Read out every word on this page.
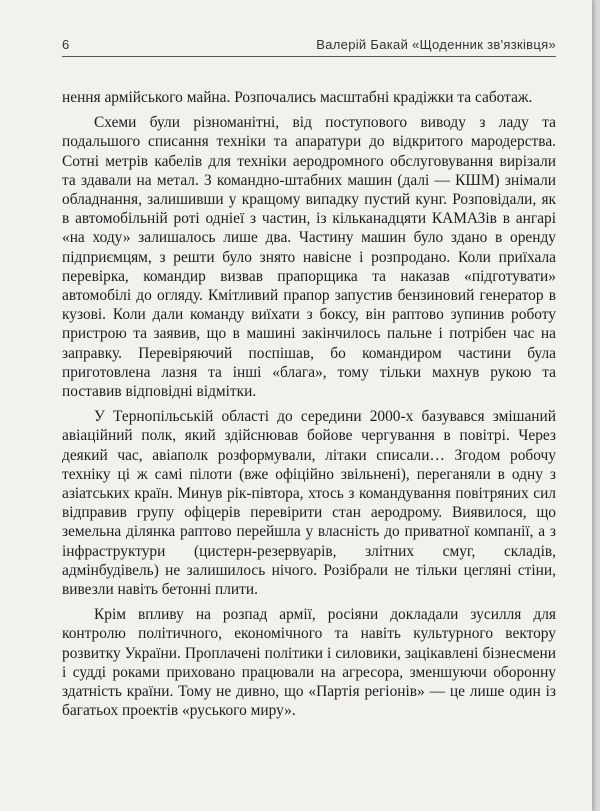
6	Валерій Бакай «Щоденник зв'язківця»

нення армійського майна. Розпочались масштабні крадіжки та саботаж.

Схеми були різноманітні, від поступового виводу з ладу та подальшого списання техніки та апаратури до відкритого мародерства. Сотні метрів кабелів для техніки аеродромного обслуговування вирізали та здавали на метал. З командно-штабних машин (далі — КШМ) знімали обладнання, залишивши у кращому випадку пустий кунг. Розповідали, як в автомобільній роті одніеї з частин, із кільканадцяти КАМАЗів в ангарі «на ходу» залишалось лише два. Частину машин було здано в оренду підприємцям, з решти було знято навісне і розпродано. Коли приїхала перевірка, командир визвав прапорщика та наказав «підготувати» автомобілі до огляду. Кмітливий прапор запустив бензиновий генератор в кузові. Коли дали команду виїхати з боксу, він раптово зупинив роботу пристрою та заявив, що в машині закінчилось пальне і потрібен час на заправку. Перевіряючий поспішав, бо командиром частини була приготовлена лазня та інші «блага», тому тільки махнув рукою та поставив відповідні відмітки.

У Тернопільській області до середини 2000-х базувався змішаний авіаційний полк, який здійснював бойове чергування в повітрі. Через деякий час, авіаполк розформували, літаки списали… Згодом робочу техніку ці ж самі пілоти (вже офіційно звільнені), переганяли в одну з азіатських країн. Минув рік-півтора, хтось з командування повітряних сил відправив групу офіцерів перевірити стан аеродрому. Виявилося, що земельна ділянка раптово перейшла у власність до приватної компанії, а з інфраструктури (цистерн-резервуарів, злітних смуг, складів, адмінбудівель) не залишилось нічого. Розібрали не тільки цегляні стіни, вивезли навіть бетонні плити.

Крім впливу на розпад армії, росіяни докладали зусилля для контролю політичного, економічного та навіть культурного вектору розвитку України. Проплачені політики і силовики, зацікавлені бізнесмени і судді роками приховано працювали на агресора, зменшуючи оборонну здатність країни. Тому не дивно, що «Партія регіонів» — це лише один із багатьох проектів «руського миру».
